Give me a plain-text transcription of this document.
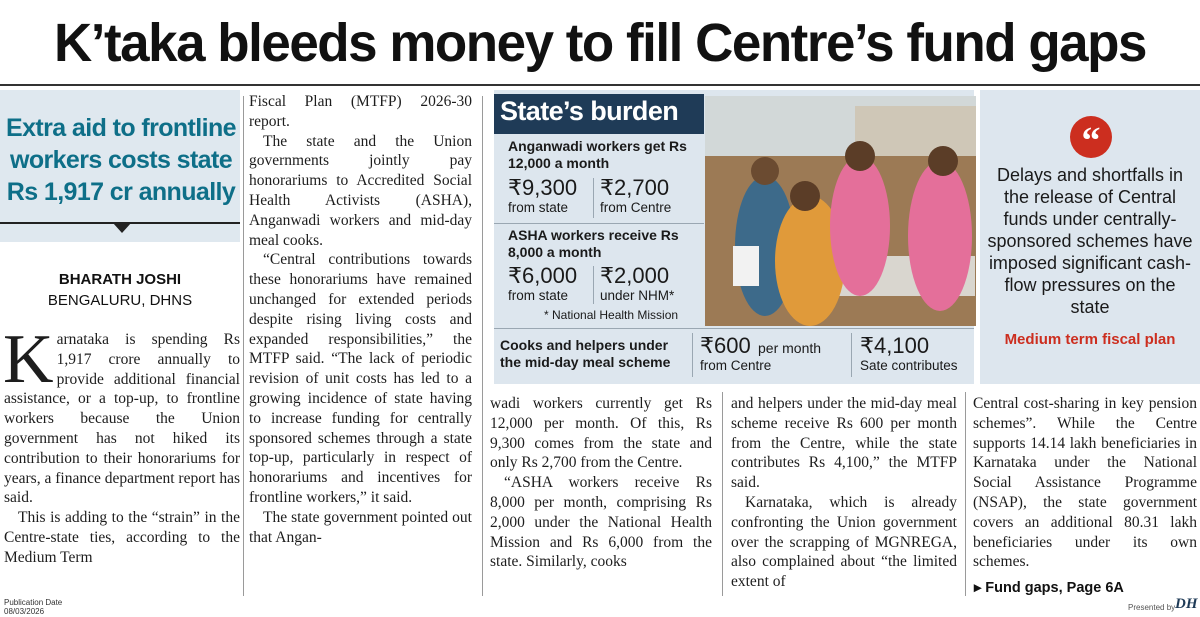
K’taka bleeds money to fill Centre’s fund gaps
Extra aid to frontline workers costs state Rs 1,917 cr annually
BHARATH JOSHI
BENGALURU, DHNS

Karnataka is spending Rs 1,917 crore annually to provide additional financial assistance, or a top-up, to frontline workers because the Union government has not hiked its contribution to their honorariums for years, a finance department report has said.

This is adding to the “strain” in the Centre-state ties, according to the Medium Term

Fiscal Plan (MTFP) 2026-30 report.

The state and the Union governments jointly pay honorariums to Accredited Social Health Activists (ASHA), Anganwadi workers and mid-day meal cooks.

“Central contributions towards these honorariums have remained unchanged for extended periods despite rising living costs and expanded responsibilities,” the MTFP said. “The lack of periodic revision of unit costs has led to a growing incidence of state having to increase funding for centrally sponsored schemes through a state top-up, particularly in respect of honorariums and incentives for frontline workers,” it said.

The state government pointed out that Angan-

State’s burden
Anganwadi workers get Rs 12,000 a month
₹9,300
from state
₹2,700
from Centre
ASHA workers receive Rs 8,000 a month
₹6,000
from state
₹2,000
under NHM*
* National Health Mission
Cooks and helpers under the mid-day meal scheme
₹600 per month
from Centre
₹4,100
Sate contributes
“
Delays and shortfalls in the release of Central funds under centrally-sponsored schemes have imposed significant cash-flow pressures on the state
Medium term fiscal plan

wadi workers currently get Rs 12,000 per month. Of this, Rs 9,300 comes from the state and only Rs 2,700 from the Centre.

“ASHA workers receive Rs 8,000 per month, comprising Rs 2,000 under the National Health Mission and Rs 6,000 from the state. Similarly, cooks

and helpers under the mid-day meal scheme receive Rs 600 per month from the Centre, while the state contributes Rs 4,100,” the MTFP said.

Karnataka, which is already confronting the Union government over the scrapping of MGNREGA, also complained about “the limited extent of

Central cost-sharing in key pension schemes”. While the Centre supports 14.14 lakh beneficiaries in Karnataka under the National Social Assistance Programme (NSAP), the state government covers an additional 80.31 lakh beneficiaries under its own schemes.

▸ Fund gaps, Page 6A
Publication Date
08/03/2026	Presented by DH
